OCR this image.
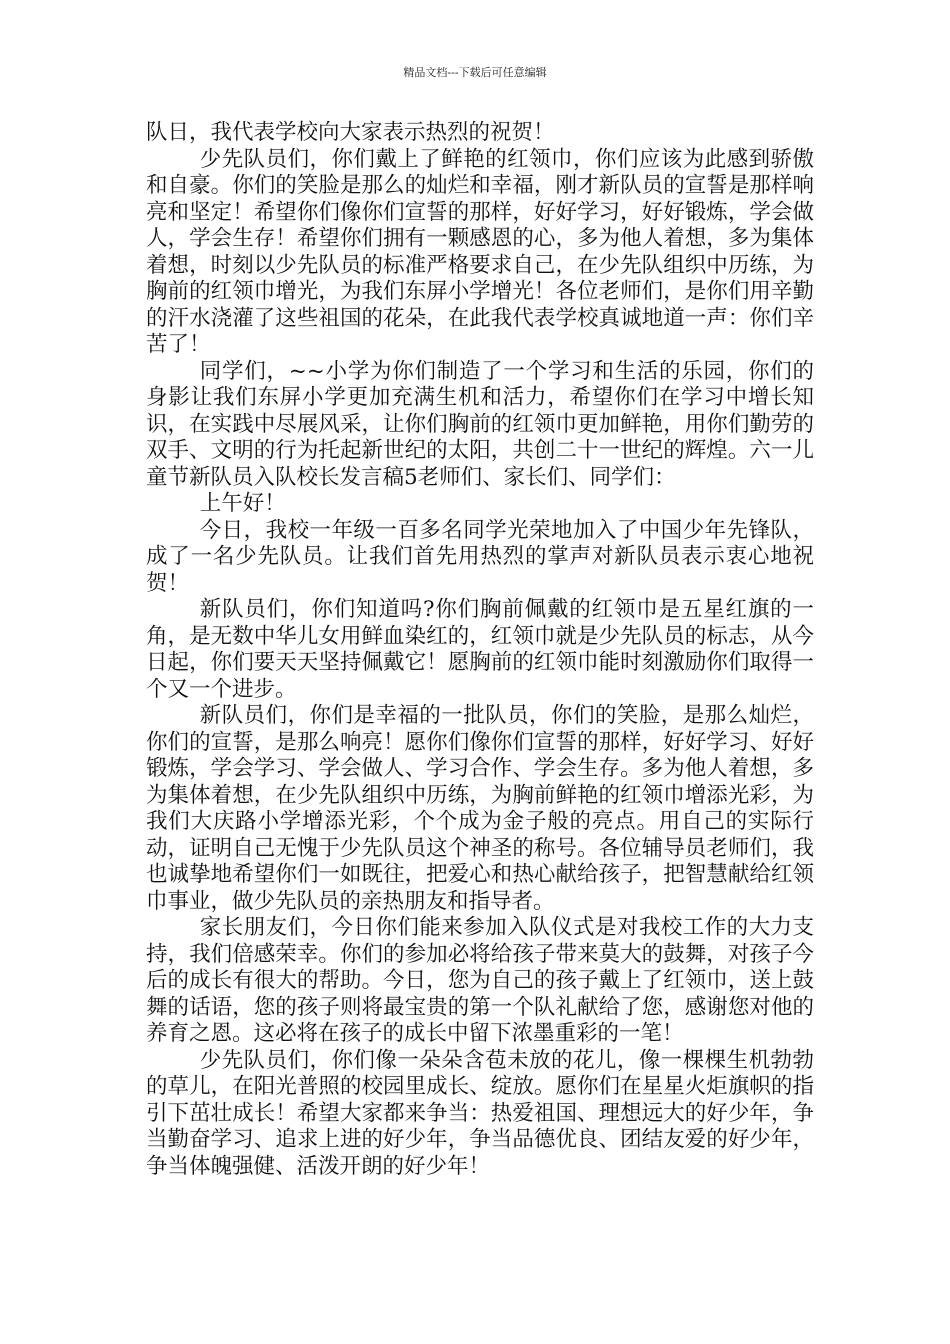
精品文档---下载后可任意编辑

队日，我代表学校向大家表示热烈的祝贺！

少先队员们，你们戴上了鲜艳的红领巾，你们应该为此感到骄傲和自豪。你们的笑脸是那么的灿烂和幸福，刚才新队员的宣誓是那样响亮和坚定！希望你们像你们宣誓的那样，好好学习，好好锻炼，学会做人，学会生存！希望你们拥有一颗感恩的心，多为他人着想，多为集体着想，时刻以少先队员的标准严格要求自己，在少先队组织中历练，为胸前的红领巾增光，为我们东屏小学增光！各位老师们，是你们用辛勤的汗水浇灌了这些祖国的花朵，在此我代表学校真诚地道一声：你们辛苦了！

同学们，~~小学为你们制造了一个学习和生活的乐园，你们的身影让我们东屏小学更加充满生机和活力，希望你们在学习中增长知识，在实践中尽展风采，让你们胸前的红领巾更加鲜艳，用你们勤劳的双手、文明的行为托起新世纪的太阳，共创二十一世纪的辉煌。六一儿童节新队员入队校长发言稿5老师们、家长们、同学们：

上午好！

今日，我校一年级一百多名同学光荣地加入了中国少年先锋队，成了一名少先队员。让我们首先用热烈的掌声对新队员表示衷心地祝贺！

新队员们，你们知道吗?你们胸前佩戴的红领巾是五星红旗的一角，是无数中华儿女用鲜血染红的，红领巾就是少先队员的标志，从今日起，你们要天天坚持佩戴它！愿胸前的红领巾能时刻激励你们取得一个又一个进步。

新队员们，你们是幸福的一批队员，你们的笑脸，是那么灿烂，你们的宣誓，是那么响亮！愿你们像你们宣誓的那样，好好学习、好好锻炼，学会学习、学会做人、学习合作、学会生存。多为他人着想，多为集体着想，在少先队组织中历练，为胸前鲜艳的红领巾增添光彩，为我们大庆路小学增添光彩，个个成为金子般的亮点。用自己的实际行动，证明自己无愧于少先队员这个神圣的称号。各位辅导员老师们，我也诚挚地希望你们一如既往，把爱心和热心献给孩子，把智慧献给红领巾事业，做少先队员的亲热朋友和指导者。

家长朋友们，今日你们能来参加入队仪式是对我校工作的大力支持，我们倍感荣幸。你们的参加必将给孩子带来莫大的鼓舞，对孩子今后的成长有很大的帮助。今日，您为自己的孩子戴上了红领巾，送上鼓舞的话语，您的孩子则将最宝贵的第一个队礼献给了您，感谢您对他的养育之恩。这必将在孩子的成长中留下浓墨重彩的一笔！

少先队员们，你们像一朵朵含苞未放的花儿，像一棵棵生机勃勃的草儿，在阳光普照的校园里成长、绽放。愿你们在星星火炬旗帜的指引下茁壮成长！希望大家都来争当：热爱祖国、理想远大的好少年，争当勤奋学习、追求上进的好少年，争当品德优良、团结友爱的好少年，争当体魄强健、活泼开朗的好少年！
